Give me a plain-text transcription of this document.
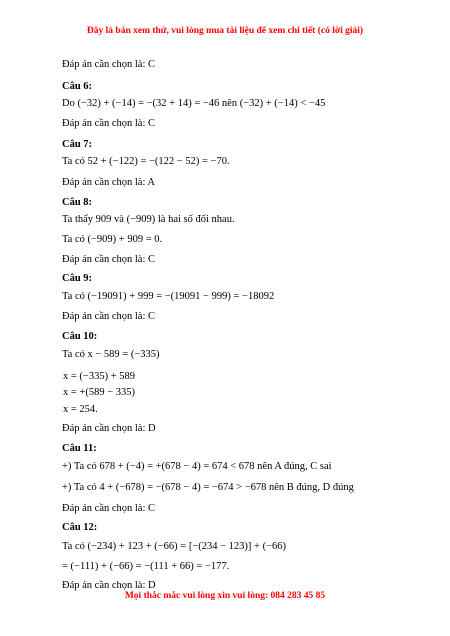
Đây là bản xem thử, vui lòng mua tài liệu để xem chi tiết (có lời giải)
Đáp án cần chọn là: C
Câu 6:
Do (−32) + (−14) = −(32 + 14) = −46 nên (−32) + (−14) < −45
Đáp án cần chọn là: C
Câu 7:
Ta có 52 + (−122) = −(122 − 52) = −70.
Đáp án cần chọn là: A
Câu 8:
Ta thấy 909 và (−909) là hai số đối nhau.
Ta có (−909) + 909 = 0.
Đáp án cần chọn là: C
Câu 9:
Ta có (−19091) + 999 = −(19091 − 999) = −18092
Đáp án cần chọn là: C
Câu 10:
Ta có x − 589 = (−335)
x = (−335) + 589
x = +(589 − 335)
x = 254.
Đáp án cần chọn là: D
Câu 11:
+) Ta có 678 + (−4) = +(678 − 4) = 674 < 678 nên A đúng, C sai
+) Ta có 4 + (−678) = −(678 − 4) = −674 > −678 nên B đúng, D đúng
Đáp án cần chọn là: C
Câu 12:
Ta có (−234) + 123 + (−66) = [−(234 − 123)] + (−66)
= (−111) + (−66) = −(111 + 66) = −177.
Đáp án cần chọn là: D
Mọi thắc mắc vui lòng xin vui lòng: 084 283 45 85
